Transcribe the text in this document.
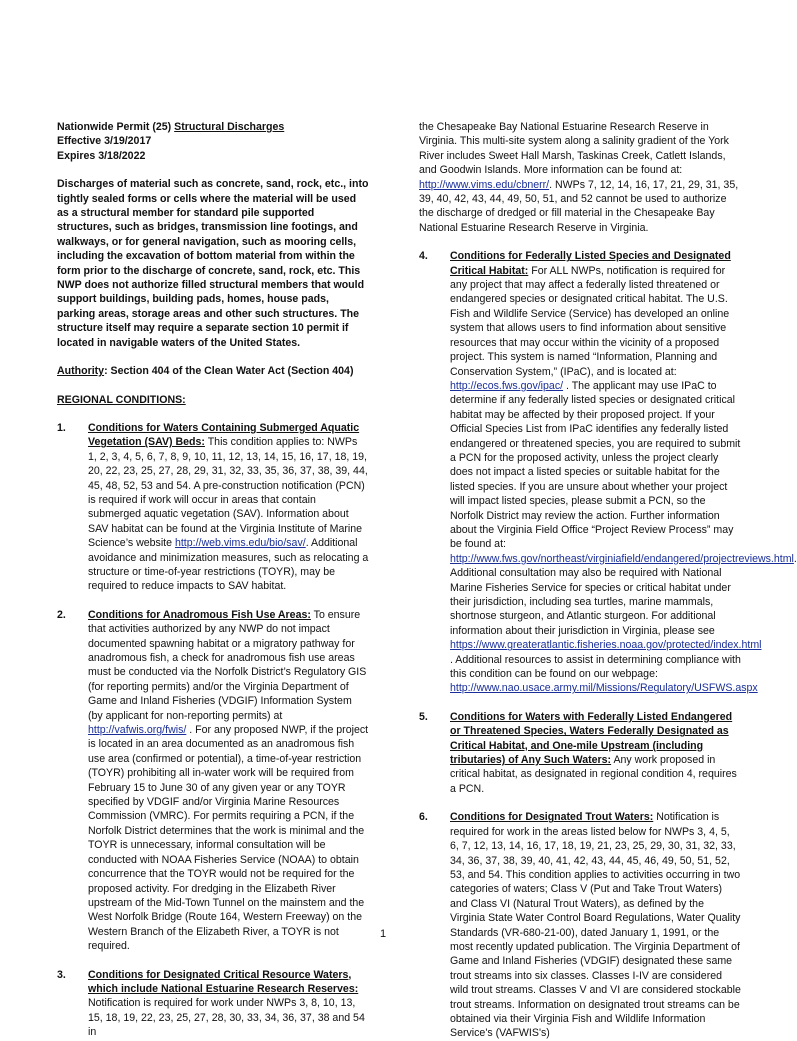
Nationwide Permit (25) Structural Discharges

Effective 3/19/2017

Expires 3/18/2022

Discharges of material such as concrete, sand, rock, etc., into tightly sealed forms or cells where the material will be used as a structural member for standard pile supported structures, such as bridges, transmission line footings, and walkways, or for general navigation, such as mooring cells, including the excavation of bottom material from within the form prior to the discharge of concrete, sand, rock, etc. This NWP does not authorize filled structural members that would support buildings, building pads, homes, house pads, parking areas, storage areas and other such structures. The structure itself may require a separate section 10 permit if located in navigable waters of the United States.

Authority: Section 404 of the Clean Water Act (Section 404)

REGIONAL CONDITIONS:

1. Conditions for Waters Containing Submerged Aquatic Vegetation (SAV) Beds: This condition applies to: NWPs 1, 2, 3, 4, 5, 6, 7, 8, 9, 10, 11, 12, 13, 14, 15, 16, 17, 18, 19, 20, 22, 23, 25, 27, 28, 29, 31, 32, 33, 35, 36, 37, 38, 39, 44, 45, 48, 52, 53 and 54. A pre-construction notification (PCN) is required if work will occur in areas that contain submerged aquatic vegetation (SAV). Information about SAV habitat can be found at the Virginia Institute of Marine Science’s website http://web.vims.edu/bio/sav/. Additional avoidance and minimization measures, such as relocating a structure or time-of-year restrictions (TOYR), may be required to reduce impacts to SAV habitat.
2. Conditions for Anadromous Fish Use Areas: To ensure that activities authorized by any NWP do not impact documented spawning habitat or a migratory pathway for anadromous fish, a check for anadromous fish use areas must be conducted via the Norfolk District’s Regulatory GIS (for reporting permits) and/or the Virginia Department of Game and Inland Fisheries (VDGIF) Information System (by applicant for non-reporting permits) at http://vafwis.org/fwis/ . For any proposed NWP, if the project is located in an area documented as an anadromous fish use area (confirmed or potential), a time-of-year restriction (TOYR) prohibiting all in-water work will be required from February 15 to June 30 of any given year or any TOYR specified by VDGIF and/or Virginia Marine Resources Commission (VMRC). For permits requiring a PCN, if the Norfolk District determines that the work is minimal and the TOYR is unnecessary, informal consultation will be conducted with NOAA Fisheries Service (NOAA) to obtain concurrence that the TOYR would not be required for the proposed activity. For dredging in the Elizabeth River upstream of the Mid-Town Tunnel on the mainstem and the West Norfolk Bridge (Route 164, Western Freeway) on the Western Branch of the Elizabeth River, a TOYR is not required.
3. Conditions for Designated Critical Resource Waters, which include National Estuarine Research Reserves: Notification is required for work under NWPs 3, 8, 10, 13, 15, 18, 19, 22, 23, 25, 27, 28, 30, 33, 34, 36, 37, 38 and 54 in

the Chesapeake Bay National Estuarine Research Reserve in Virginia. This multi-site system along a salinity gradient of the York River includes Sweet Hall Marsh, Taskinas Creek, Catlett Islands, and Goodwin Islands. More information can be found at: http://www.vims.edu/cbnerr/. NWPs 7, 12, 14, 16, 17, 21, 29, 31, 35, 39, 40, 42, 43, 44, 49, 50, 51, and 52 cannot be used to authorize the discharge of dredged or fill material in the Chesapeake Bay National Estuarine Research Reserve in Virginia.

4. Conditions for Federally Listed Species and Designated Critical Habitat: For ALL NWPs, notification is required for any project that may affect a federally listed threatened or endangered species or designated critical habitat. The U.S. Fish and Wildlife Service (Service) has developed an online system that allows users to find information about sensitive resources that may occur within the vicinity of a proposed project. This system is named “Information, Planning and Conservation System,” (IPaC), and is located at: http://ecos.fws.gov/ipac/ . The applicant may use IPaC to determine if any federally listed species or designated critical habitat may be affected by their proposed project. If your Official Species List from IPaC identifies any federally listed endangered or threatened species, you are required to submit a PCN for the proposed activity, unless the project clearly does not impact a listed species or suitable habitat for the listed species. If you are unsure about whether your project will impact listed species, please submit a PCN, so the Norfolk District may review the action. Further information about the Virginia Field Office “Project Review Process” may be found at: http://www.fws.gov/northeast/virginiafield/endangered/projectreviews.html. Additional consultation may also be required with National Marine Fisheries Service for species or critical habitat under their jurisdiction, including sea turtles, marine mammals, shortnose sturgeon, and Atlantic sturgeon. For additional information about their jurisdiction in Virginia, please see https://www.greateratlantic.fisheries.noaa.gov/protected/index.html . Additional resources to assist in determining compliance with this condition can be found on our webpage: http://www.nao.usace.army.mil/Missions/Regulatory/USFWS.aspx
5. Conditions for Waters with Federally Listed Endangered or Threatened Species, Waters Federally Designated as Critical Habitat, and One-mile Upstream (including tributaries) of Any Such Waters: Any work proposed in critical habitat, as designated in regional condition 4, requires a PCN.
6. Conditions for Designated Trout Waters: Notification is required for work in the areas listed below for NWPs 3, 4, 5, 6, 7, 12, 13, 14, 16, 17, 18, 19, 21, 23, 25, 29, 30, 31, 32, 33, 34, 36, 37, 38, 39, 40, 41, 42, 43, 44, 45, 46, 49, 50, 51, 52, 53, and 54. This condition applies to activities occurring in two categories of waters; Class V (Put and Take Trout Waters) and Class VI (Natural Trout Waters), as defined by the Virginia State Water Control Board Regulations, Water Quality Standards (VR-680-21-00), dated January 1, 1991, or the most recently updated publication. The Virginia Department of Game and Inland Fisheries (VDGIF) designated these same trout streams into six classes. Classes I-IV are considered wild trout streams. Classes V and VI are considered stockable trout streams. Information on designated trout streams can be obtained via their Virginia Fish and Wildlife Information Service's (VAFWIS's)
1
